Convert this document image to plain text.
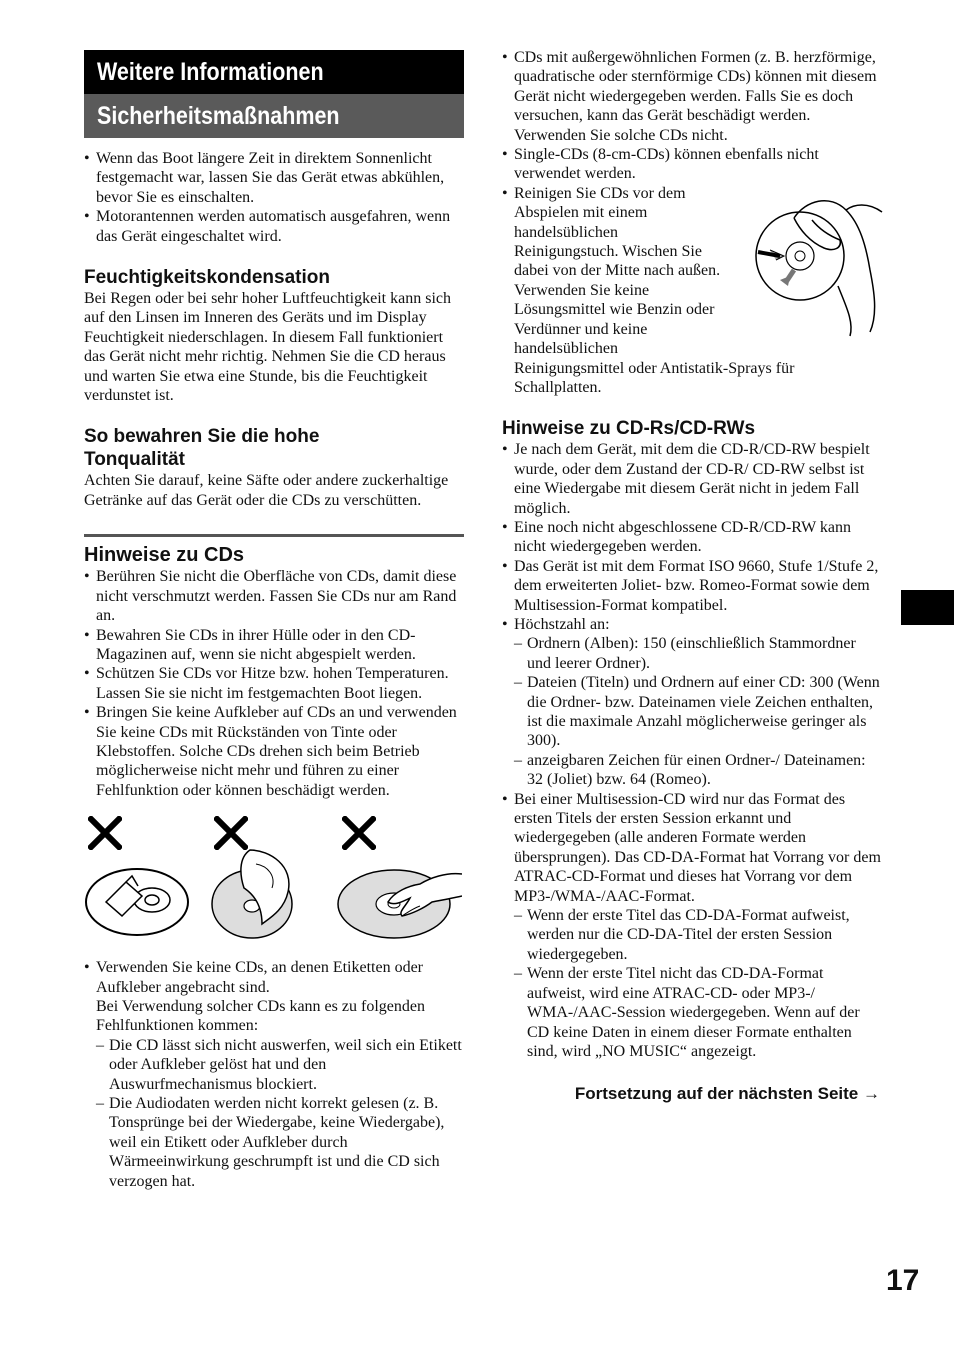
Weitere Informationen
Sicherheitsmaßnahmen
• Wenn das Boot längere Zeit in direktem Sonnenlicht festgemacht war, lassen Sie das Gerät etwas abkühlen, bevor Sie es einschalten.
• Motorantennen werden automatisch ausgefahren, wenn das Gerät eingeschaltet wird.
Feuchtigkeitskondensation

Bei Regen oder bei sehr hoher Luftfeuchtigkeit kann sich auf den Linsen im Inneren des Geräts und im Display Feuchtigkeit niederschlagen. In diesem Fall funktioniert das Gerät nicht mehr richtig. Nehmen Sie die CD heraus und warten Sie etwa eine Stunde, bis die Feuchtigkeit verdunstet ist.

So bewahren Sie die hohe Tonqualität

Achten Sie darauf, keine Säfte oder andere zuckerhaltige Getränke auf das Gerät oder die CDs zu verschütten.

Hinweise zu CDs
• Berühren Sie nicht die Oberfläche von CDs, damit diese nicht verschmutzt werden. Fassen Sie CDs nur am Rand an.
• Bewahren Sie CDs in ihrer Hülle oder in den CD-Magazinen auf, wenn sie nicht abgespielt werden.
• Schützen Sie CDs vor Hitze bzw. hohen Temperaturen. Lassen Sie sie nicht im festgemachten Boot liegen.
• Bringen Sie keine Aufkleber auf CDs an und verwenden Sie keine CDs mit Rückständen von Tinte oder Klebstoffen. Solche CDs drehen sich beim Betrieb möglicherweise nicht mehr und führen zu einer Fehlfunktion oder können beschädigt werden.
• Verwenden Sie keine CDs, an denen Etiketten oder Aufkleber angebracht sind.
Bei Verwendung solcher CDs kann es zu folgenden Fehlfunktionen kommen:
– Die CD lässt sich nicht auswerfen, weil sich ein Etikett oder Aufkleber gelöst hat und den Auswurfmechanismus blockiert.
– Die Audiodaten werden nicht korrekt gelesen (z. B. Tonsprünge bei der Wiedergabe, keine Wiedergabe), weil ein Etikett oder Aufkleber durch Wärmeeinwirkung geschrumpft ist und die CD sich verzogen hat.
• CDs mit außergewöhnlichen Formen (z. B. herzförmige, quadratische oder sternförmige CDs) können mit diesem Gerät nicht wiedergegeben werden. Falls Sie es doch versuchen, kann das Gerät beschädigt werden. Verwenden Sie solche CDs nicht.
• Single-CDs (8-cm-CDs) können ebenfalls nicht verwendet werden.
• Reinigen Sie CDs vor dem
Abspielen mit einem
handelsüblichen
Reinigungstuch. Wischen Sie
dabei von der Mitte nach außen.
Verwenden Sie keine
Lösungsmittel wie Benzin oder
Verdünner und keine
handelsüblichen
Reinigungsmittel oder Antistatik-Sprays für Schallplatten.
Hinweise zu CD-Rs/CD-RWs
• Je nach dem Gerät, mit dem die CD-R/CD-RW bespielt wurde, oder dem Zustand der CD-R/ CD-RW selbst ist eine Wiedergabe mit diesem Gerät nicht in jedem Fall möglich.
• Eine noch nicht abgeschlossene CD-R/CD-RW kann nicht wiedergegeben werden.
• Das Gerät ist mit dem Format ISO 9660, Stufe 1/Stufe 2, dem erweiterten Joliet- bzw. Romeo-Format sowie dem Multisession-Format kompatibel.
• Höchstzahl an:
– Ordnern (Alben): 150 (einschließlich Stammordner und leerer Ordner).
– Dateien (Titeln) und Ordnern auf einer CD: 300 (Wenn die Ordner- bzw. Dateinamen viele Zeichen enthalten, ist die maximale Anzahl möglicherweise geringer als 300).
– anzeigbaren Zeichen für einen Ordner-/ Dateinamen: 32 (Joliet) bzw. 64 (Romeo).
• Bei einer Multisession-CD wird nur das Format des ersten Titels der ersten Session erkannt und wiedergegeben (alle anderen Formate werden übersprungen). Das CD-DA-Format hat Vorrang vor dem ATRAC-CD-Format und dieses hat Vorrang vor dem MP3-/WMA-/AAC-Format.
– Wenn der erste Titel das CD-DA-Format aufweist, werden nur die CD-DA-Titel der ersten Session wiedergegeben.
– Wenn der erste Titel nicht das CD-DA-Format aufweist, wird eine ATRAC-CD- oder MP3-/ WMA-/AAC-Session wiedergegeben. Wenn auf der CD keine Daten in einem dieser Formate enthalten sind, wird „NO MUSIC“ angezeigt.
Fortsetzung auf der nächsten Seite →
17
